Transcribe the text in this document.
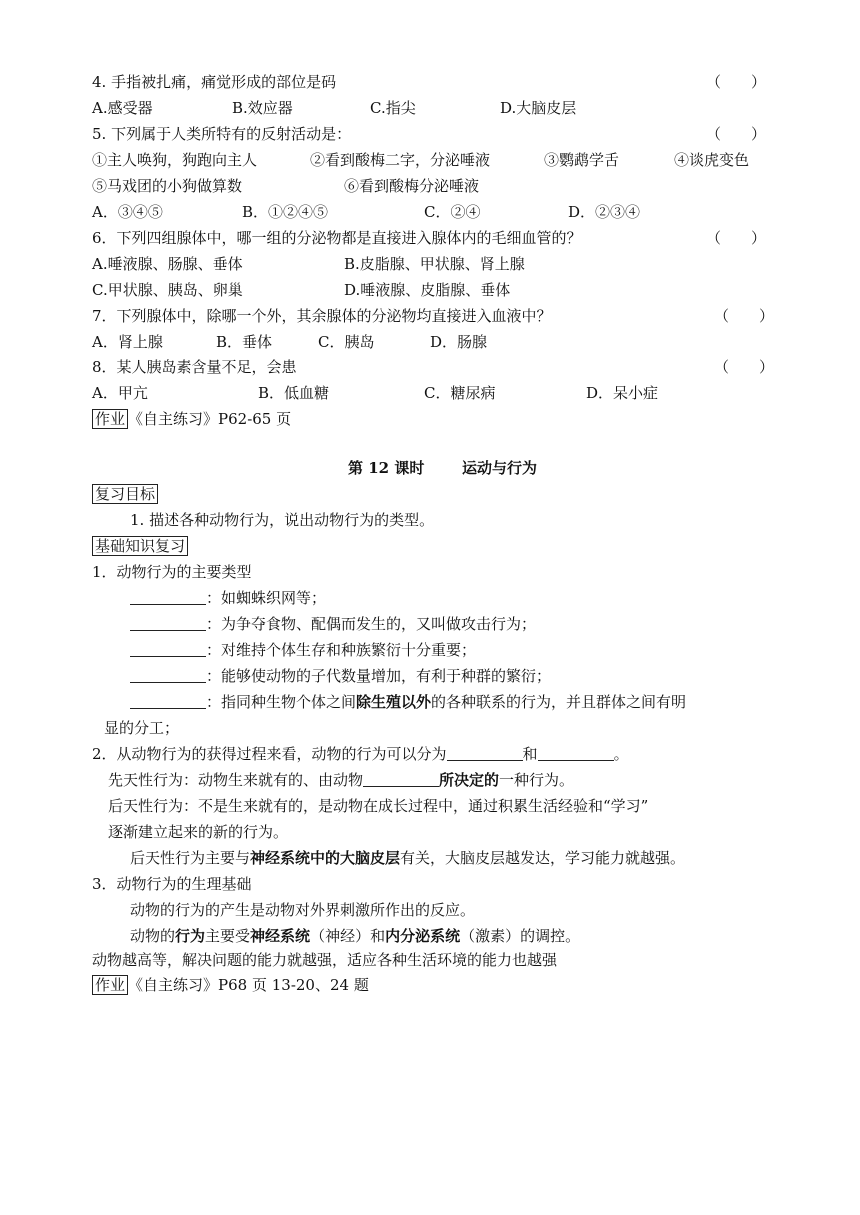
4. 手指被扎痛，痛觉形成的部位是码	（　　）
A.感受器	B.效应器	C.指尖	D.大脑皮层
5. 下列属于人类所特有的反射活动是：	（　　）
①主人唤狗，狗跑向主人	②看到酸梅二字，分泌唾液	③鹦鹉学舌	④谈虎变色
⑤马戏团的小狗做算数	⑥看到酸梅分泌唾液
A．③④⑤	B．①②④⑤	C．②④	D．②③④
6．下列四组腺体中，哪一组的分泌物都是直接进入腺体内的毛细血管的？	（　　）
A.唾液腺、肠腺、垂体	B.皮脂腺、甲状腺、肾上腺
C.甲状腺、胰岛、卵巢	D.唾液腺、皮脂腺、垂体
7．下列腺体中，除哪一个外，其余腺体的分泌物均直接进入血液中？	（　　）
A．肾上腺	B．垂体	C．胰岛	D．肠腺
8．某人胰岛素含量不足，会患	（　　）
A．甲亢	B．低血糖	C．糖尿病	D．呆小症
作业 《自主练习》P62-65 页
第 12 课时	运动与行为
复习目标
1. 描述各种动物行为，说出动物行为的类型。
基础知识复习
1．动物行为的主要类型
：如蜘蛛织网等；
：为争夺食物、配偶而发生的，又叫做攻击行为；
：对维持个体生存和种族繁衍十分重要；
：能够使动物的子代数量增加，有利于种群的繁衍；
：指同种生物个体之间除生殖以外的各种联系的行为，并且群体之间有明
显的分工；
2．从动物行为的获得过程来看，动物的行为可以分为	和	。
先天性行为：动物生来就有的、由动物	所决定的一种行为。
后天性行为：不是生来就有的，是动物在成长过程中，通过积累生活经验和“学习”
逐渐建立起来的新的行为。
后天性行为主要与神经系统中的大脑皮层有关，大脑皮层越发达，学习能力就越强。
3．动物行为的生理基础
动物的行为的产生是动物对外界刺激所作出的反应。
动物的行为主要受神经系统（神经）和内分泌系统（激素）的调控。
动物越高等，解决问题的能力就越强，适应各种生活环境的能力也越强
作业 《自主练习》P68 页 13-20、24 题
